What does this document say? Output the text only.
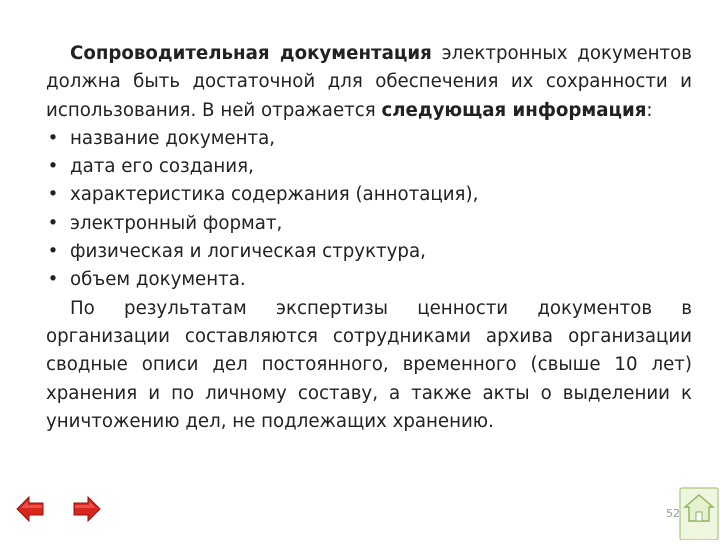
Сопроводительная документация электронных документов должна быть достаточной для обеспечения их сохранности и использования. В ней отражается следующая информация:

• название документа,
• дата его создания,
• характеристика содержания (аннотация),
• электронный формат,
• физическая и логическая структура,
• объем документа.

По результатам экспертизы ценности документов в организации составляются сотрудниками архива организации сводные описи дел постоянного, временного (свыше 10 лет) хранения и по личному составу, а также акты о выделении к уничтожению дел, не подлежащих хранению.

52
